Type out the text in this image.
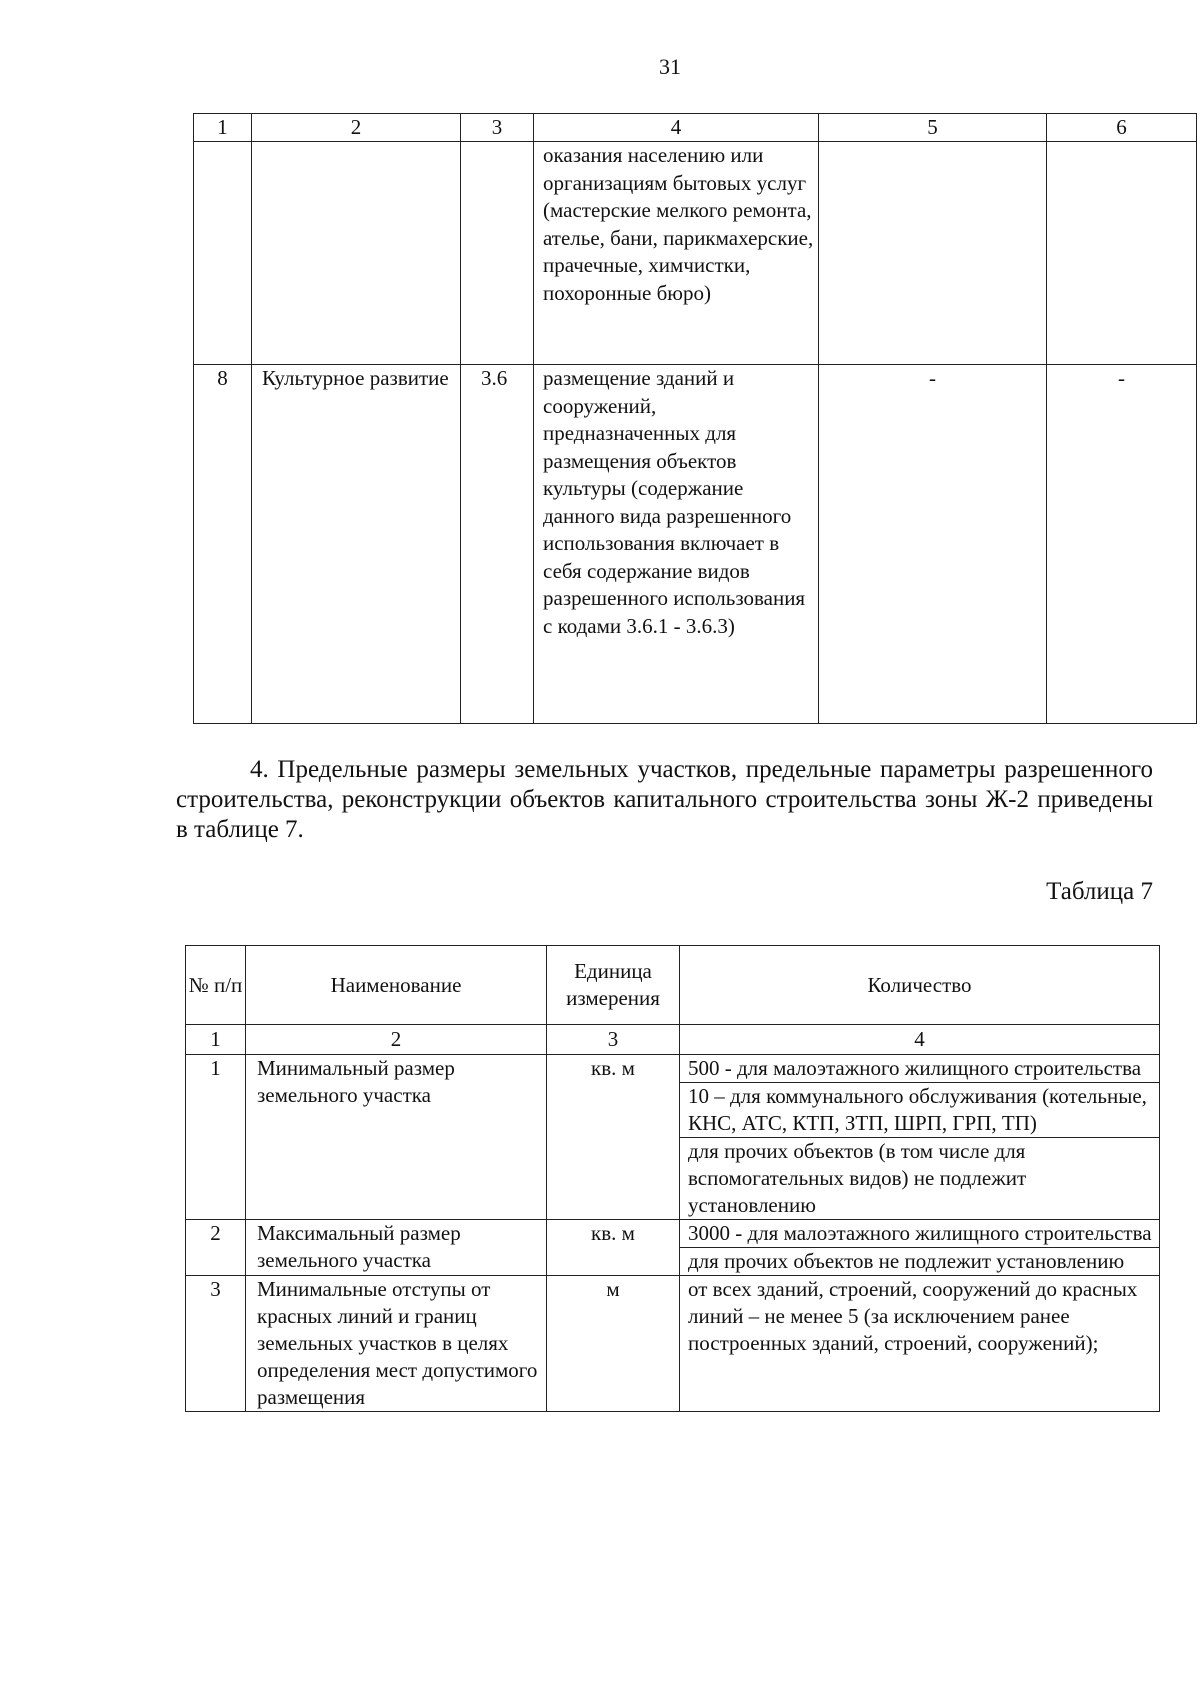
31
1	2	3	4	5	6
			оказания населению или организациям бытовых услуг (мастерские мелкого ремонта, ателье, бани, парикмахерские, прачечные, химчистки, похоронные бюро)		
8	Культурное развитие	3.6	размещение зданий и сооружений, предназначенных для размещения объектов культуры (содержание данного вида разрешенного использования включает в себя содержание видов разрешенного использования с кодами 3.6.1 - 3.6.3)	-	-
4. Предельные размеры земельных участков, предельные параметры разрешенного строительства, реконструкции объектов капитального строительства зоны Ж-2 приведены в таблице 7.
Таблица 7
№ п/п	Наименование	Единица измерения	Количество
1	2	3	4
1	Минимальный размер земельного участка	кв. м	500 - для малоэтажного жилищного строительства
10 – для коммунального обслуживания (котельные, КНС, АТС, КТП, ЗТП, ШРП, ГРП, ТП)
для прочих объектов (в том числе для вспомогательных видов) не подлежит установлению

2	Максимальный размер земельного участка	кв. м	3000 - для малоэтажного жилищного строительства
для прочих объектов не подлежит установлению

3	Минимальные отступы от красных линий и границ земельных участков в целях определения мест допустимого размещения	м	от всех зданий, строений, сооружений до красных линий – не менее 5 (за исключением ранее построенных зданий, строений, сооружений);
